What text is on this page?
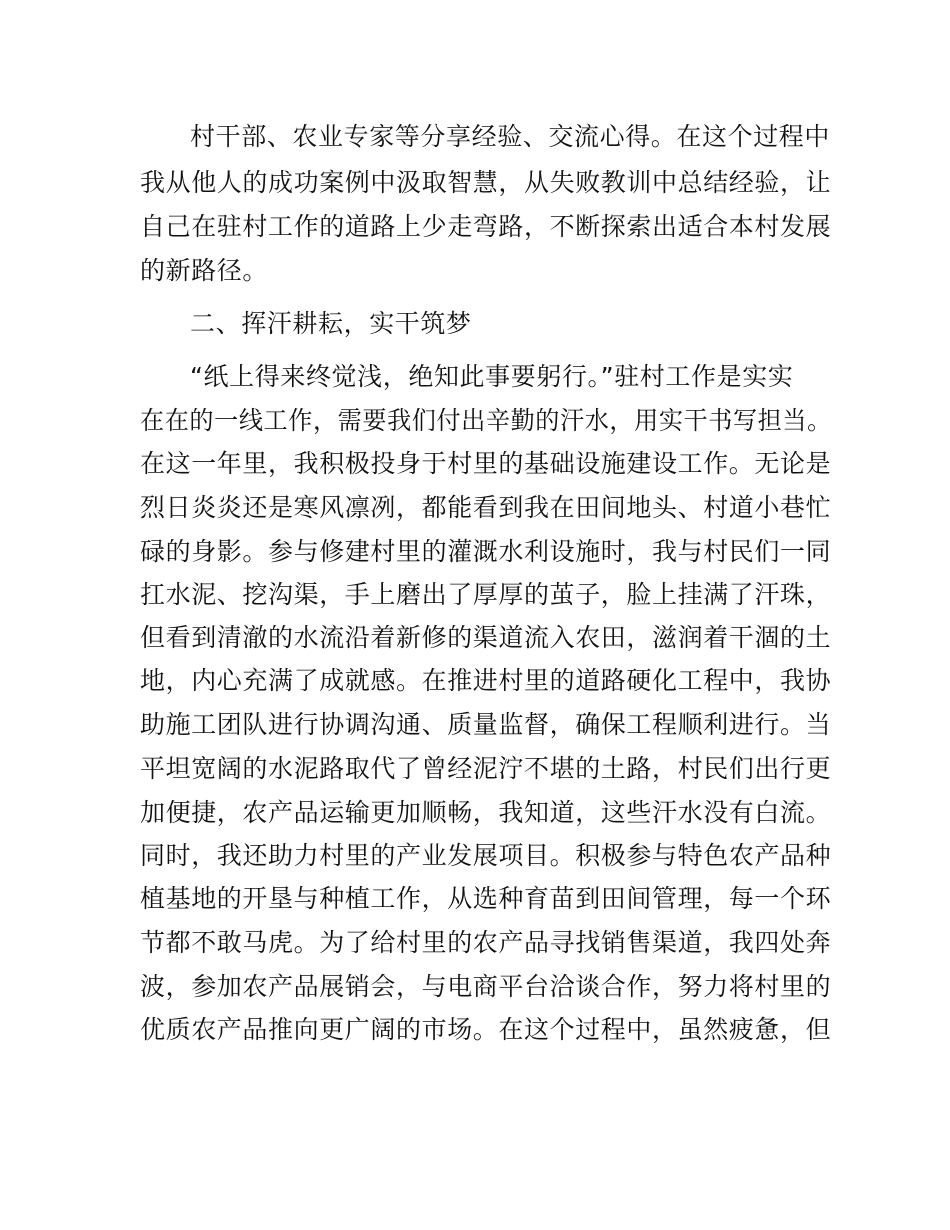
村干部、农业专家等分享经验、交流心得。在这个过程中

我从他人的成功案例中汲取智慧，从失败教训中总结经验，让

自己在驻村工作的道路上少走弯路，不断探索出适合本村发展

的新路径。

二、挥汗耕耘，实干筑梦

“纸上得来终觉浅，绝知此事要躬行。”驻村工作是实实

在在的一线工作，需要我们付出辛勤的汗水，用实干书写担当。

在这一年里，我积极投身于村里的基础设施建设工作。无论是

烈日炎炎还是寒风凛冽，都能看到我在田间地头、村道小巷忙

碌的身影。参与修建村里的灌溉水利设施时，我与村民们一同

扛水泥、挖沟渠，手上磨出了厚厚的茧子，脸上挂满了汗珠，

但看到清澈的水流沿着新修的渠道流入农田，滋润着干涸的土

地，内心充满了成就感。在推进村里的道路硬化工程中，我协

助施工团队进行协调沟通、质量监督，确保工程顺利进行。当

平坦宽阔的水泥路取代了曾经泥泞不堪的土路，村民们出行更

加便捷，农产品运输更加顺畅，我知道，这些汗水没有白流。

同时，我还助力村里的产业发展项目。积极参与特色农产品种

植基地的开垦与种植工作，从选种育苗到田间管理，每一个环

节都不敢马虎。为了给村里的农产品寻找销售渠道，我四处奔

波，参加农产品展销会，与电商平台洽谈合作，努力将村里的

优质农产品推向更广阔的市场。在这个过程中，虽然疲惫，但
